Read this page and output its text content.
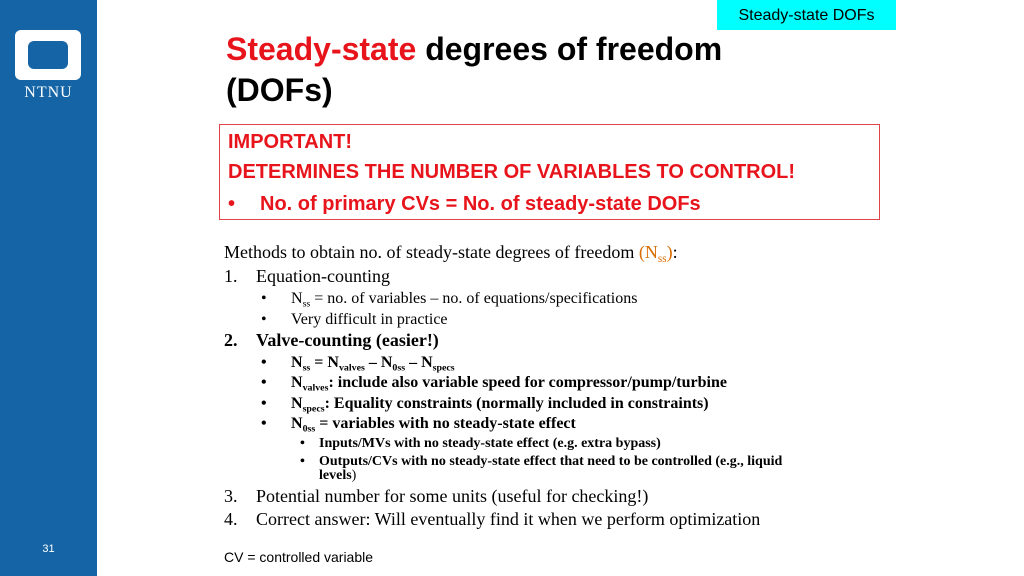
NTNU
31
Steady-state DOFs
Steady-state degrees of freedom
(DOFs)
IMPORTANT!
DETERMINES THE NUMBER OF VARIABLES TO CONTROL!
• No. of primary CVs = No. of steady-state DOFs
Methods to obtain no. of steady-state degrees of freedom $(N_{ss})$:
1. Equation-counting
• $N_{ss}$ = no. of variables – no. of equations/specifications
• Very difficult in practice
2. Valve-counting (easier!)
• $N_{ss} = N_{valves} - N_{0ss} - N_{specs}$
• $N_{valves}$: include also variable speed for compressor/pump/turbine
• $N_{specs}$: Equality constraints (normally included in constraints)
• $N_{0ss}$ = variables with no steady-state effect
• Inputs/MVs with no steady-state effect (e.g. extra bypass)
• Outputs/CVs with no steady-state effect that need to be controlled (e.g., liquid
levels)
3. Potential number for some units (useful for checking!)
4. Correct answer: Will eventually find it when we perform optimization
CV = controlled variable
